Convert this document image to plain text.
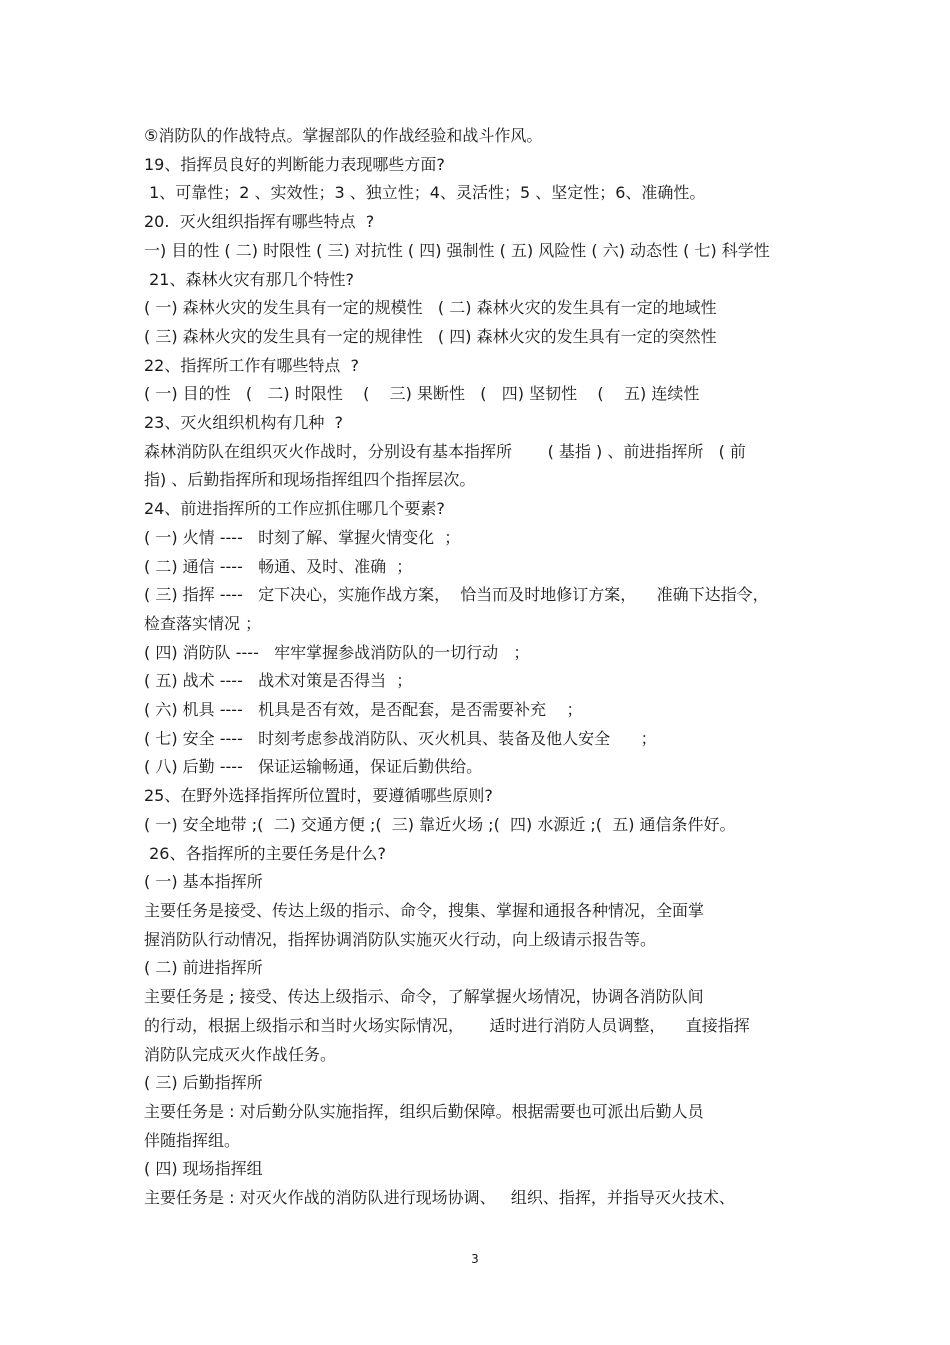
⑤消防队的作战特点。掌握部队的作战经验和战斗作风。

19、指挥员良好的判断能力表现哪些方面?

1、可靠性；2 、实效性；3 、独立性；4、灵活性；5 、坚定性；6、准确性。

20.  灭火组织指挥有哪些特点  ?

一) 目的性 ( 二) 时限性 ( 三) 对抗性 ( 四) 强制性 ( 五) 风险性 ( 六) 动态性 ( 七) 科学性

21、森林火灾有那几个特性?

( 一) 森林火灾的发生具有一定的规模性   ( 二) 森林火灾的发生具有一定的地域性

( 三) 森林火灾的发生具有一定的规律性   ( 四) 森林火灾的发生具有一定的突然性

22、指挥所工作有哪些特点  ?

( 一) 目的性   (   二) 时限性    (    三) 果断性   (   四) 坚韧性    (    五) 连续性

23、灭火组织机构有几种  ?

森林消防队在组织灭火作战时，分别设有基本指挥所       ( 基指 ) 、前进指挥所   ( 前

指) 、后勤指挥所和现场指挥组四个指挥层次。

24、前进指挥所的工作应抓住哪几个要素?

( 一) 火情 ----   时刻了解、掌握火情变化  ；

( 二) 通信 ----   畅通、及时、准确  ；

( 三) 指挥 ----   定下决心，实施作战方案，  恰当而及时地修订方案，    准确下达指令，

检查落实情况 ；

( 四) 消防队 ----   牢牢掌握参战消防队的一切行动   ；

( 五) 战术 ----   战术对策是否得当  ；

( 六) 机具 ----   机具是否有效，是否配套，是否需要补充    ；

( 七) 安全 ----   时刻考虑参战消防队、灭火机具、装备及他人安全      ；

( 八) 后勤 ----   保证运输畅通，保证后勤供给。

25、在野外选择指挥所位置时，要遵循哪些原则?

( 一) 安全地带 ;(  二) 交通方便 ;(  三) 靠近火场 ;(  四) 水源近 ;(  五) 通信条件好。

26、各指挥所的主要任务是什么?

( 一) 基本指挥所

主要任务是接受、传达上级的指示、命令，搜集、掌握和通报各种情况，全面掌

握消防队行动情况，指挥协调消防队实施灭火行动，向上级请示报告等。

( 二) 前进指挥所

主要任务是 ; 接受、传达上级指示、命令，了解掌握火场情况，协调各消防队间

的行动，根据上级指示和当时火场实际情况，     适时进行消防人员调整，    直接指挥

消防队完成灭火作战任务。

( 三) 后勤指挥所

主要任务是 : 对后勤分队实施指挥，组织后勤保障。根据需要也可派出后勤人员

伴随指挥组。

( 四) 现场指挥组

主要任务是 : 对灭火作战的消防队进行现场协调、   组织、指挥，并指导灭火技术、

3
